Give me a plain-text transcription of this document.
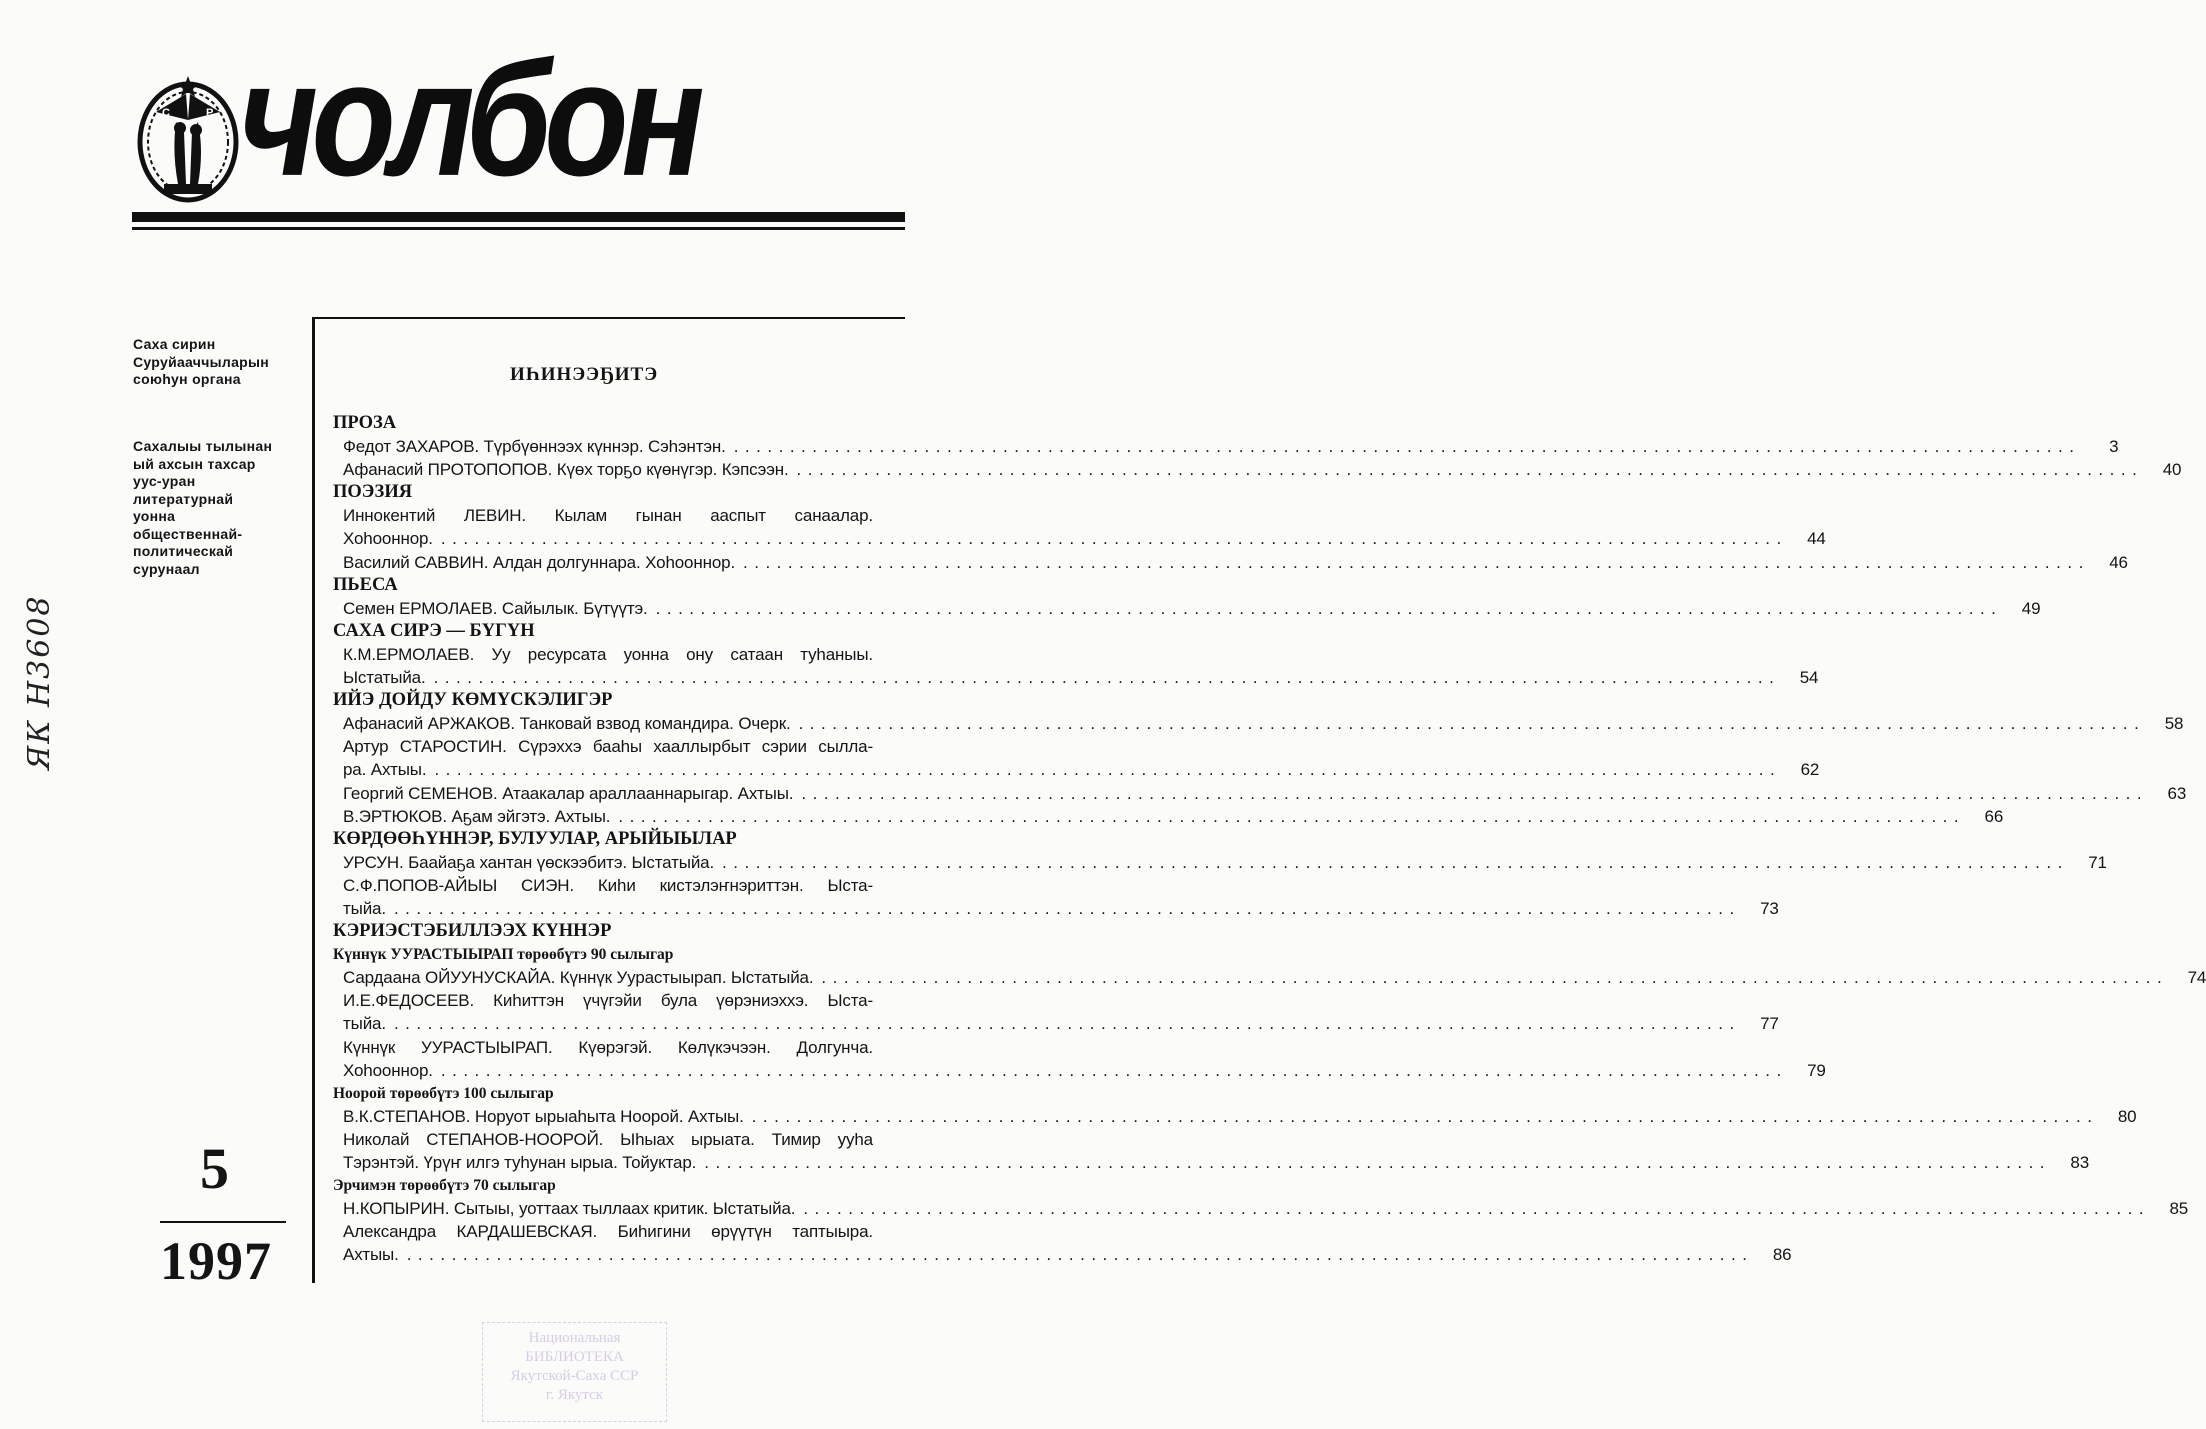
С	Р чолбон
Саха сирин
Суруйааччыларын
союһун органа
Сахалыы тылынан
ый ахсын тахсар
уус-уран
литературнай
уонна
общественнай-
политическай
сурунаал
5
1997
ИҺИНЭЭҔИТЭ
ПРОЗА
Федот ЗАХАРОВ. Түрбүөннээх күннэр. Сэһэнтэн. ........................................................................................................................	3
Афанасий ПРОТОПОПОВ. Күөх торҕо күөнүгэр. Кэпсээн. ........................................................................................................................	40
ПОЭЗИЯ
Иннокентий ЛЕВИН. Кылам гынан ааспыт санаалар.
Хоһооннор. ........................................................................................................................	44
Василий САВВИН. Алдан долгуннара. Хоһооннор. ........................................................................................................................	46
ПЬЕСА
Семен ЕРМОЛАЕВ. Сайылык. Бүтүүтэ. ........................................................................................................................	49
САХА СИРЭ — БҮГҮН
К.М.ЕРМОЛАЕВ. Уу ресурсата уонна ону сатаан туһаныы.
Ыстатыйа. ........................................................................................................................	54
ИЙЭ ДОЙДУ КӨМҮСКЭЛИГЭР
Афанасий АРЖАКОВ. Танковай взвод командира. Очерк. ........................................................................................................................	58
Артур СТАРОСТИН. Сүрэххэ бааһы хааллырбыт сэрии сылла-
ра. Ахтыы. ........................................................................................................................	62
Георгий СЕМЕНОВ. Атаакалар араллааннарыгар. Ахтыы. ........................................................................................................................	63
В.ЭРТЮКОВ. Аҕам эйгэтэ. Ахтыы. ........................................................................................................................	66
КӨРДӨӨҺҮННЭР, БУЛУУЛАР, АРЫЙЫЫЛАР
УРСУН. Баайаҕа хантан үөскээбитэ. Ыстатыйа. ........................................................................................................................	71
С.Ф.ПОПОВ-АЙЫЫ СИЭН. Киһи кистэлэҥнэриттэн. Ыста-
тыйа. ........................................................................................................................	73
КЭРИЭСТЭБИЛЛЭЭХ КҮННЭР
Күннүк УУРАСТЫЫРАП төрөөбүтэ 90 сылыгар
Сардаана ОЙУУНУСКАЙА. Күннүк Уурастыырап. Ыстатыйа. ........................................................................................................................	74
И.Е.ФЕДОСЕЕВ. Киһиттэн үчүгэйи була үөрэниэххэ. Ыста-
тыйа. ........................................................................................................................	77
Күннүк УУРАСТЫЫРАП. Күөрэгэй. Көлүкэчээн. Долгунча.
Хоһооннор. ........................................................................................................................	79
Ноорой төрөөбүтэ 100 сылыгар
В.К.СТЕПАНОВ. Норуот ырыаһыта Ноорой. Ахтыы. ........................................................................................................................	80
Николай СТЕПАНОВ-НООРОЙ. Ыһыах ырыата. Тимир ууһа
Тэрэнтэй. Үрүҥ илгэ туһунан ырыа. Тойуктар. ........................................................................................................................	83
Эрчимэн төрөөбүтэ 70 сылыгар
Н.КОПЫРИН. Сытыы, уоттаах тыллаах критик. Ыстатыйа. ........................................................................................................................	85
Александра КАРДАШЕВСКАЯ. Биһигини өрүүтүн таптыыра.
Ахтыы. ........................................................................................................................	86
ЯК Н3608
Национальная
БИБЛИОТЕКА
Якутской-Саха ССР
г. Якутск
